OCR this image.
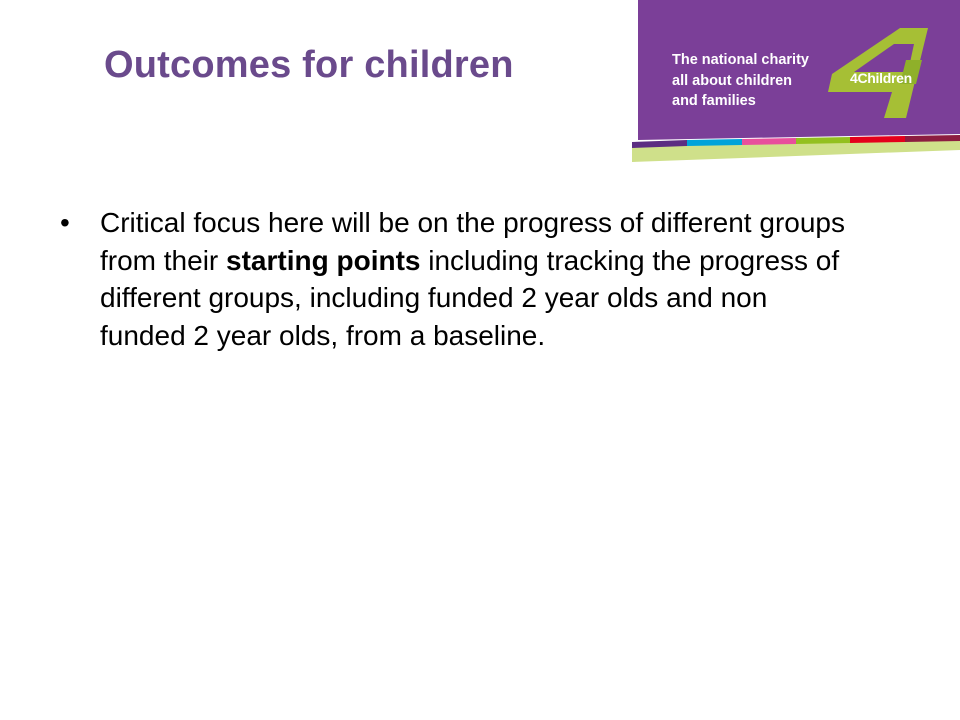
Outcomes for children	The national charity
all about children
and families
4Children
•	Critical focus here will be on the progress of different groups from their starting points including tracking the progress of different groups, including funded 2 year olds and non funded 2 year olds, from a baseline.
